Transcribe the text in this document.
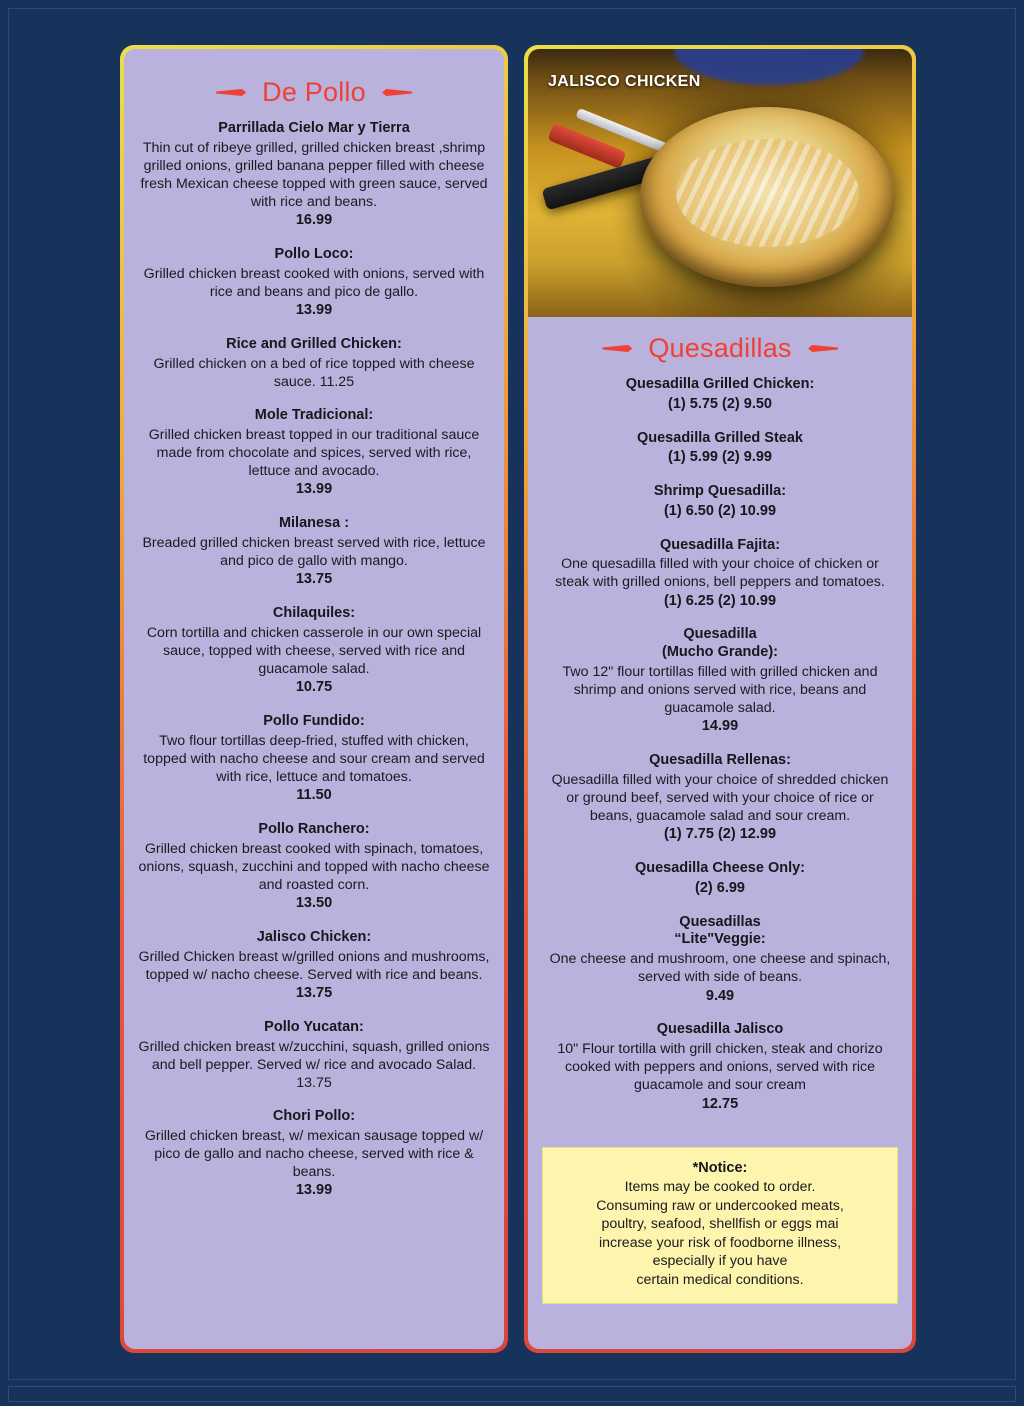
De Pollo
Parrillada Cielo Mar y Tierra
Thin cut of ribeye grilled, grilled chicken breast ,shrimp grilled onions, grilled banana pepper filled with cheese fresh Mexican cheese topped with green sauce, served with rice and beans.
16.99
Pollo Loco:
Grilled chicken breast cooked with onions, served with rice and beans and pico de gallo.
13.99
Rice and Grilled Chicken:
Grilled chicken on a bed of rice topped with cheese sauce. 11.25
Mole Tradicional:
Grilled chicken breast topped in our traditional sauce made from chocolate and spices, served with rice, lettuce and avocado.
13.99
Milanesa :
Breaded grilled chicken breast served with rice, lettuce and pico de gallo with mango.
13.75
Chilaquiles:
Corn tortilla and chicken casserole in our own special sauce, topped with cheese, served with rice and guacamole salad.
10.75
Pollo Fundido:
Two flour tortillas deep-fried, stuffed with chicken, topped with nacho cheese and sour cream and served with rice, lettuce and tomatoes.
11.50
Pollo Ranchero:
Grilled chicken breast cooked with spinach, tomatoes, onions, squash, zucchini and topped with nacho cheese and roasted corn.
13.50
Jalisco Chicken:
Grilled Chicken breast w/grilled onions and mushrooms, topped w/ nacho cheese. Served with rice and beans.
13.75
Pollo Yucatan:
Grilled chicken breast w/zucchini, squash, grilled onions and bell pepper. Served w/ rice and avocado Salad. 13.75
Chori Pollo:
Grilled chicken breast, w/ mexican sausage topped w/ pico de gallo and nacho cheese, served with rice & beans.
13.99
JALISCO CHICKEN
Quesadillas
Quesadilla Grilled Chicken:
(1) 5.75 (2) 9.50
Quesadilla Grilled Steak
(1) 5.99 (2) 9.99
Shrimp Quesadilla:
(1) 6.50 (2) 10.99
Quesadilla Fajita:
One quesadilla filled with your choice of chicken or steak with grilled onions, bell peppers and tomatoes.
(1) 6.25 (2) 10.99
Quesadilla
(Mucho Grande):
Two 12" flour tortillas filled with grilled chicken and shrimp and onions served with rice, beans and guacamole salad.
14.99
Quesadilla Rellenas:
Quesadilla filled with your choice of shredded chicken or ground beef, served with your choice of rice or beans, guacamole salad and sour cream.
(1) 7.75 (2) 12.99
Quesadilla Cheese Only:
(2) 6.99
Quesadillas
“Lite"Veggie:
One cheese and mushroom, one cheese and spinach, served with side of beans.
9.49
Quesadilla Jalisco
10" Flour tortilla with grill chicken, steak and chorizo cooked with peppers and onions, served with rice guacamole and sour cream
12.75
*Notice:
Items may be cooked to order.
Consuming raw or undercooked meats,
poultry, seafood, shellfish or eggs mai
increase your risk of foodborne illness,
especially if you have
certain medical conditions.
